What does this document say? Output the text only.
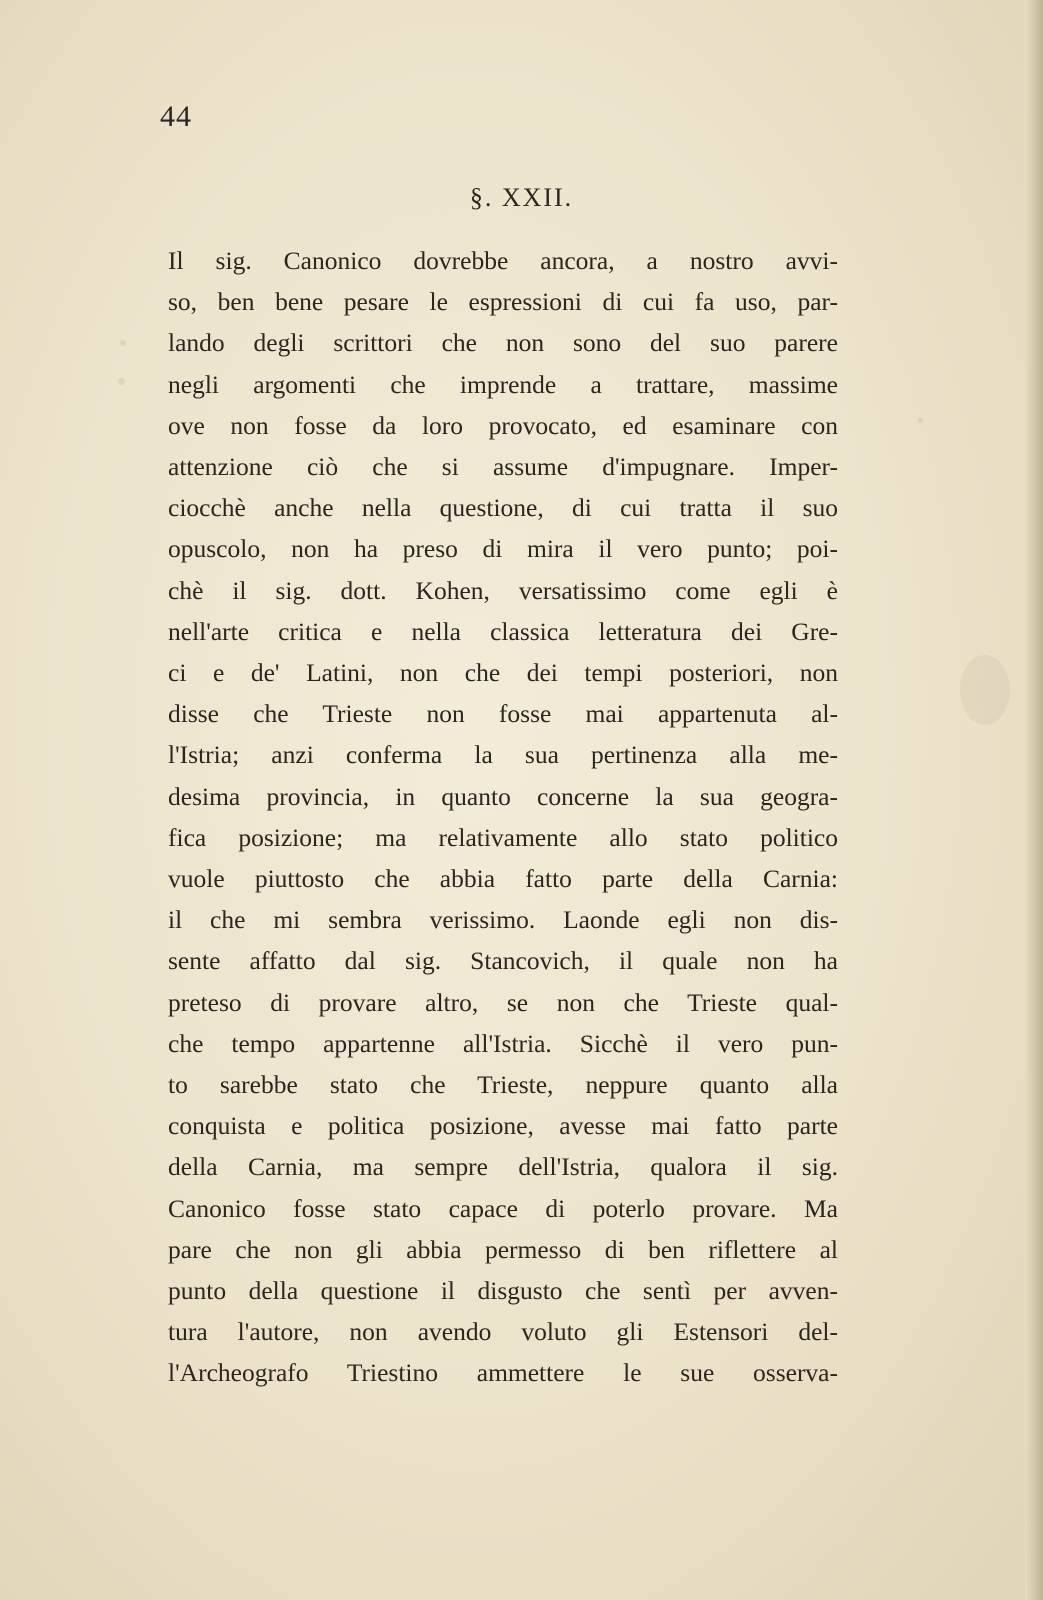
44
§. XXII.
Il sig. Canonico dovrebbe ancora, a nostro avvi-
so, ben bene pesare le espressioni di cui fa uso, par-
lando degli scrittori che non sono del suo parere
negli argomenti che imprende a trattare, massime
ove non fosse da loro provocato, ed esaminare con
attenzione ciò che si assume d'impugnare. Imper-
ciocchè anche nella questione, di cui tratta il suo
opuscolo, non ha preso di mira il vero punto; poi-
chè il sig. dott. Kohen, versatissimo come egli è
nell'arte critica e nella classica letteratura dei Gre-
ci e de' Latini, non che dei tempi posteriori, non
disse che Trieste non fosse mai appartenuta al-
l'Istria; anzi conferma la sua pertinenza alla me-
desima provincia, in quanto concerne la sua geogra-
fica posizione; ma relativamente allo stato politico
vuole piuttosto che abbia fatto parte della Carnia:
il che mi sembra verissimo. Laonde egli non dis-
sente affatto dal sig. Stancovich, il quale non ha
preteso di provare altro, se non che Trieste qual-
che tempo appartenne all'Istria. Sicchè il vero pun-
to sarebbe stato che Trieste, neppure quanto alla
conquista e politica posizione, avesse mai fatto parte
della Carnia, ma sempre dell'Istria, qualora il sig.
Canonico fosse stato capace di poterlo provare. Ma
pare che non gli abbia permesso di ben riflettere al
punto della questione il disgusto che sentì per avven-
tura l'autore, non avendo voluto gli Estensori del-
l'Archeografo Triestino ammettere le sue osserva-
